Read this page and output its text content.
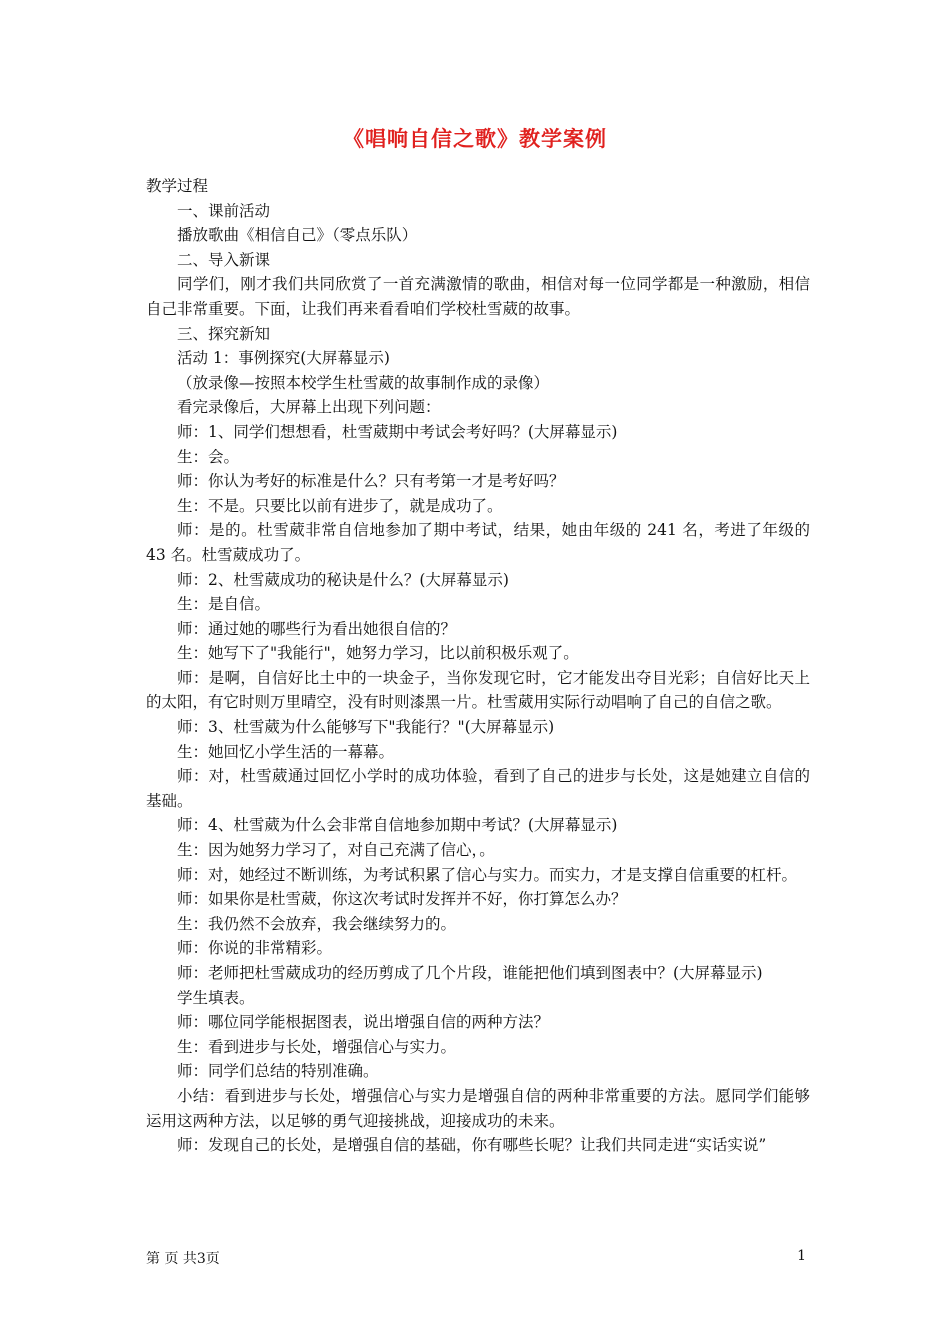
《唱响自信之歌》教学案例

教学过程

一、课前活动

播放歌曲《相信自己》（零点乐队）

二、导入新课

同学们，刚才我们共同欣赏了一首充满激情的歌曲，相信对每一位同学都是一种激励，相信自己非常重要。下面，让我们再来看看咱们学校杜雪葳的故事。

三、探究新知

活动 1：事例探究(大屏幕显示)

（放录像—按照本校学生杜雪葳的故事制作成的录像）

看完录像后，大屏幕上出现下列问题：

师：1、同学们想想看，杜雪葳期中考试会考好吗？(大屏幕显示)

生：会。

师：你认为考好的标准是什么？只有考第一才是考好吗？

生：不是。只要比以前有进步了，就是成功了。

师：是的。杜雪葳非常自信地参加了期中考试，结果，她由年级的 241 名，考进了年级的 43 名。杜雪葳成功了。

师：2、杜雪葳成功的秘诀是什么？(大屏幕显示)

生：是自信。

师：通过她的哪些行为看出她很自信的？

生：她写下了"我能行"，她努力学习，比以前积极乐观了。

师：是啊，自信好比土中的一块金子，当你发现它时，它才能发出夺目光彩；自信好比天上的太阳，有它时则万里晴空，没有时则漆黑一片。杜雪葳用实际行动唱响了自己的自信之歌。

师：3、杜雪葳为什么能够写下"我能行？"(大屏幕显示)

生：她回忆小学生活的一幕幕。

师：对，杜雪葳通过回忆小学时的成功体验，看到了自己的进步与长处，这是她建立自信的基础。

师：4、杜雪葳为什么会非常自信地参加期中考试？(大屏幕显示)

生：因为她努力学习了，对自己充满了信心，。

师：对，她经过不断训练，为考试积累了信心与实力。而实力，才是支撑自信重要的杠杆。

师：如果你是杜雪葳，你这次考试时发挥并不好，你打算怎么办？

生：我仍然不会放弃，我会继续努力的。

师：你说的非常精彩。

师：老师把杜雪葳成功的经历剪成了几个片段，谁能把他们填到图表中？(大屏幕显示)

学生填表。

师：哪位同学能根据图表，说出增强自信的两种方法？

生：看到进步与长处，增强信心与实力。

师：同学们总结的特别准确。

小结：看到进步与长处，增强信心与实力是增强自信的两种非常重要的方法。愿同学们能够运用这两种方法，以足够的勇气迎接挑战，迎接成功的未来。

师：发现自己的长处，是增强自信的基础，你有哪些长呢？让我们共同走进“实话实说”

第 页 共3页	1
